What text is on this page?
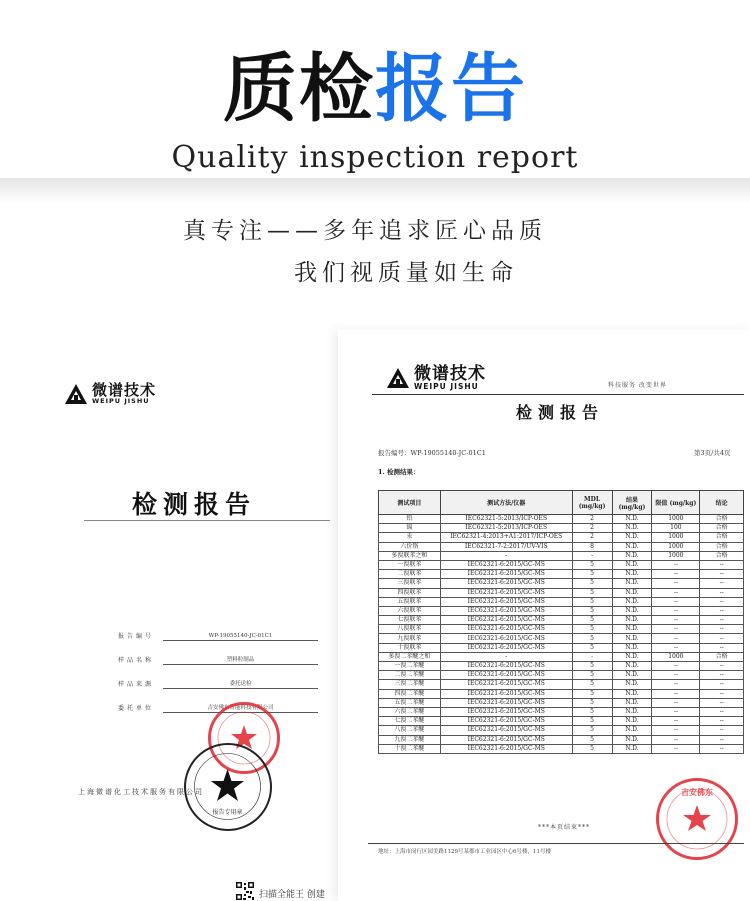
质检报告
Quality inspection report
真专注——多年追求匠心品质
我们视质量如生命
微谱技术
WEIPU JISHU
检测报告
报告编号	WP-19055140-JC-01C1
样品名称	塑料粒制品
样品来源	委托送检
委托单位	吉安佛东智能科技有限公司
上海微谱化工技术服务有限公司
报告专用章
扫描全能王 创建
微谱技术
WEIPU JISHU	科技服务 改变世界
检测报告
报告编号：WP-19055140-JC-01C1	第3页/共4页
1. 检测结果：
测试项目	测试方法/仪器	MDL (mg/kg)	结果 (mg/kg)	限值 (mg/kg)	结论
铅	IEC62321-5:2013/ICP-OES	2	N.D.	1000	合格
镉	IEC62321-5:2013/ICP-OES	2	N.D.	100	合格
汞	IEC62321-4:2013+A1:2017/ICP-OES	2	N.D.	1000	合格
六价铬	IEC62321-7-2:2017/UV-VIS	8	N.D.	1000	合格
多溴联苯之和	-	-	N.D.	1000	合格
一溴联苯	IEC62321-6:2015/GC-MS	5	N.D.	--	--
二溴联苯	IEC62321-6:2015/GC-MS	5	N.D.	--	--
三溴联苯	IEC62321-6:2015/GC-MS	5	N.D.	--	--
四溴联苯	IEC62321-6:2015/GC-MS	5	N.D.	--	--
五溴联苯	IEC62321-6:2015/GC-MS	5	N.D.	--	--
六溴联苯	IEC62321-6:2015/GC-MS	5	N.D.	--	--
七溴联苯	IEC62321-6:2015/GC-MS	5	N.D.	--	--
八溴联苯	IEC62321-6:2015/GC-MS	5	N.D.	--	--
九溴联苯	IEC62321-6:2015/GC-MS	5	N.D.	--	--
十溴联苯	IEC62321-6:2015/GC-MS	5	N.D.	--	--
多溴二苯醚之和	-	-	N.D.	1000	合格
一溴二苯醚	IEC62321-6:2015/GC-MS	5	N.D.	--	--
二溴二苯醚	IEC62321-6:2015/GC-MS	5	N.D.	--	--
三溴二苯醚	IEC62321-6:2015/GC-MS	5	N.D.	--	--
四溴二苯醚	IEC62321-6:2015/GC-MS	5	N.D.	--	--
五溴二苯醚	IEC62321-6:2015/GC-MS	5	N.D.	--	--
六溴二苯醚	IEC62321-6:2015/GC-MS	5	N.D.	--	--
七溴二苯醚	IEC62321-6:2015/GC-MS	5	N.D.	--	--
八溴二苯醚	IEC62321-6:2015/GC-MS	5	N.D.	--	--
九溴二苯醚	IEC62321-6:2015/GC-MS	5	N.D.	--	--
十溴二苯醚	IEC62321-6:2015/GC-MS	5	N.D.	--	--
***本页结束***
吉安佛东
地址：上海市闵行区园美路1129号某都市工业园区中心6号楼，11号楼
